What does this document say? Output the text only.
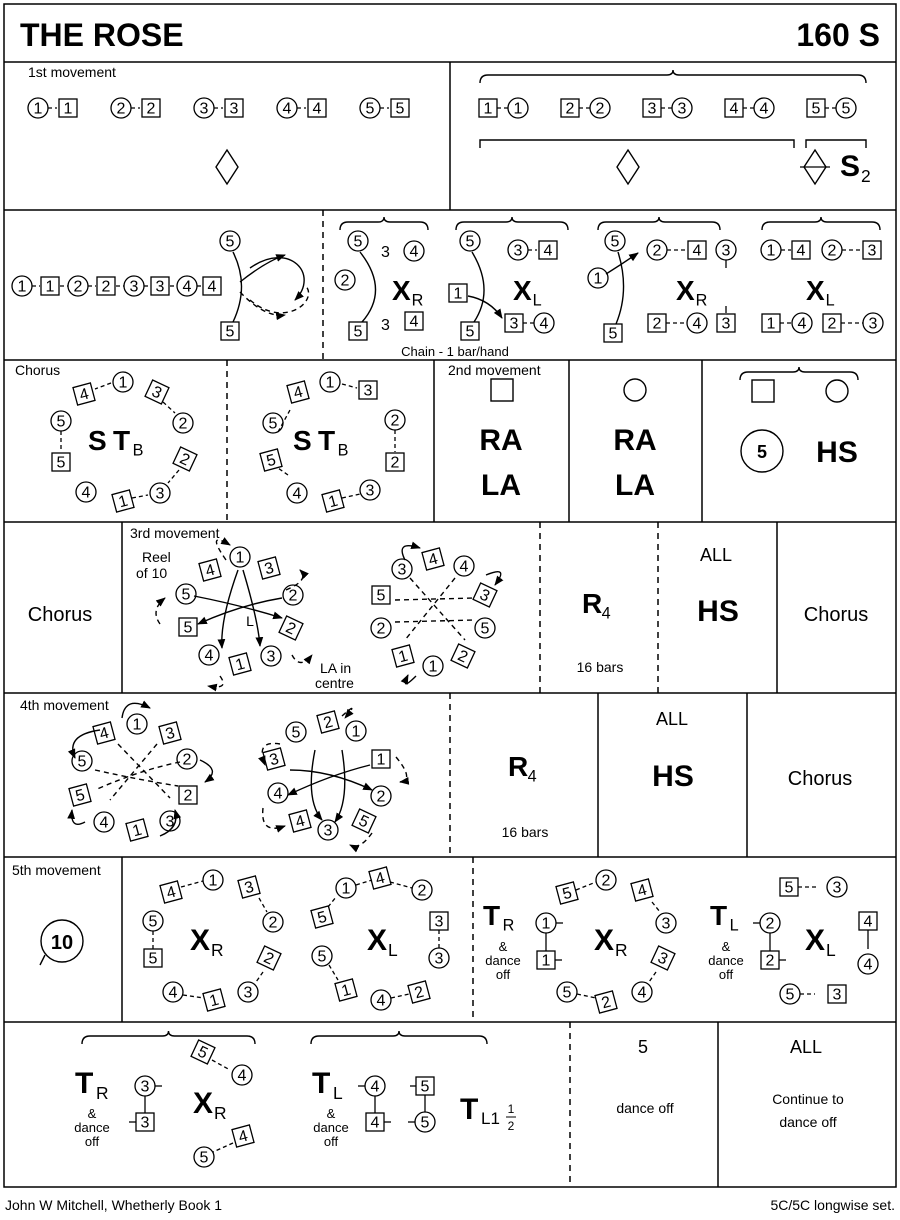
THE ROSE	160 S
John W Mitchell, Whetherly Book 1	5C/5C longwise set.
1st movement
1 1	2 2	3 3	4 4	5 5	1 1	2 2	3 3	4 4	5 5
S 2
1 1 2 2 3 3 4 4
5
5
5
2
5
4
4
3
3
X R
5
1
5
3 4
3 4
X L
5
1
5
2 4 3
2 4 3
X R
1 4 2 3
1 4 2 3
X L
Chain - 1 bar/hand
Chorus
4
1
3
2
2
3
1
4
5
5
S T B
4
1 3
2
2
3
1
4
5
5
S T B
2nd movement
RA
LA
RA
LA
5 HS
Chorus
3rd movement
Reel
of 10
1
3
2
2
3
1
4
5
5
4
L
LA in
centre
4 4
3
5
2
1
1
2
5
3
R 4
16 bars
ALL
HS	Chorus
4th movement
1 3
2
2
3
1
4
5
5
4
2 1
1
2
5
3
4
4
3
5
R 4
16 bars
ALL
HS	Chorus
5th movement
10
4
1 3
2
2
3
1
4
5
5
X R
1
4
2
3
3
2
4
1
5
5
X L
T R
&
dance
off
1
1
5
2
4
3
3
4
2
5
X R
T L
&
dance
off
2
2
5 3
4
4
5 3
X L
T R
&
dance
off
3
3
5
4
4
5
X R
T L
&
dance
off
4
4
5
5 T L1 1
2
5
dance off
ALL
Continue to
dance off
